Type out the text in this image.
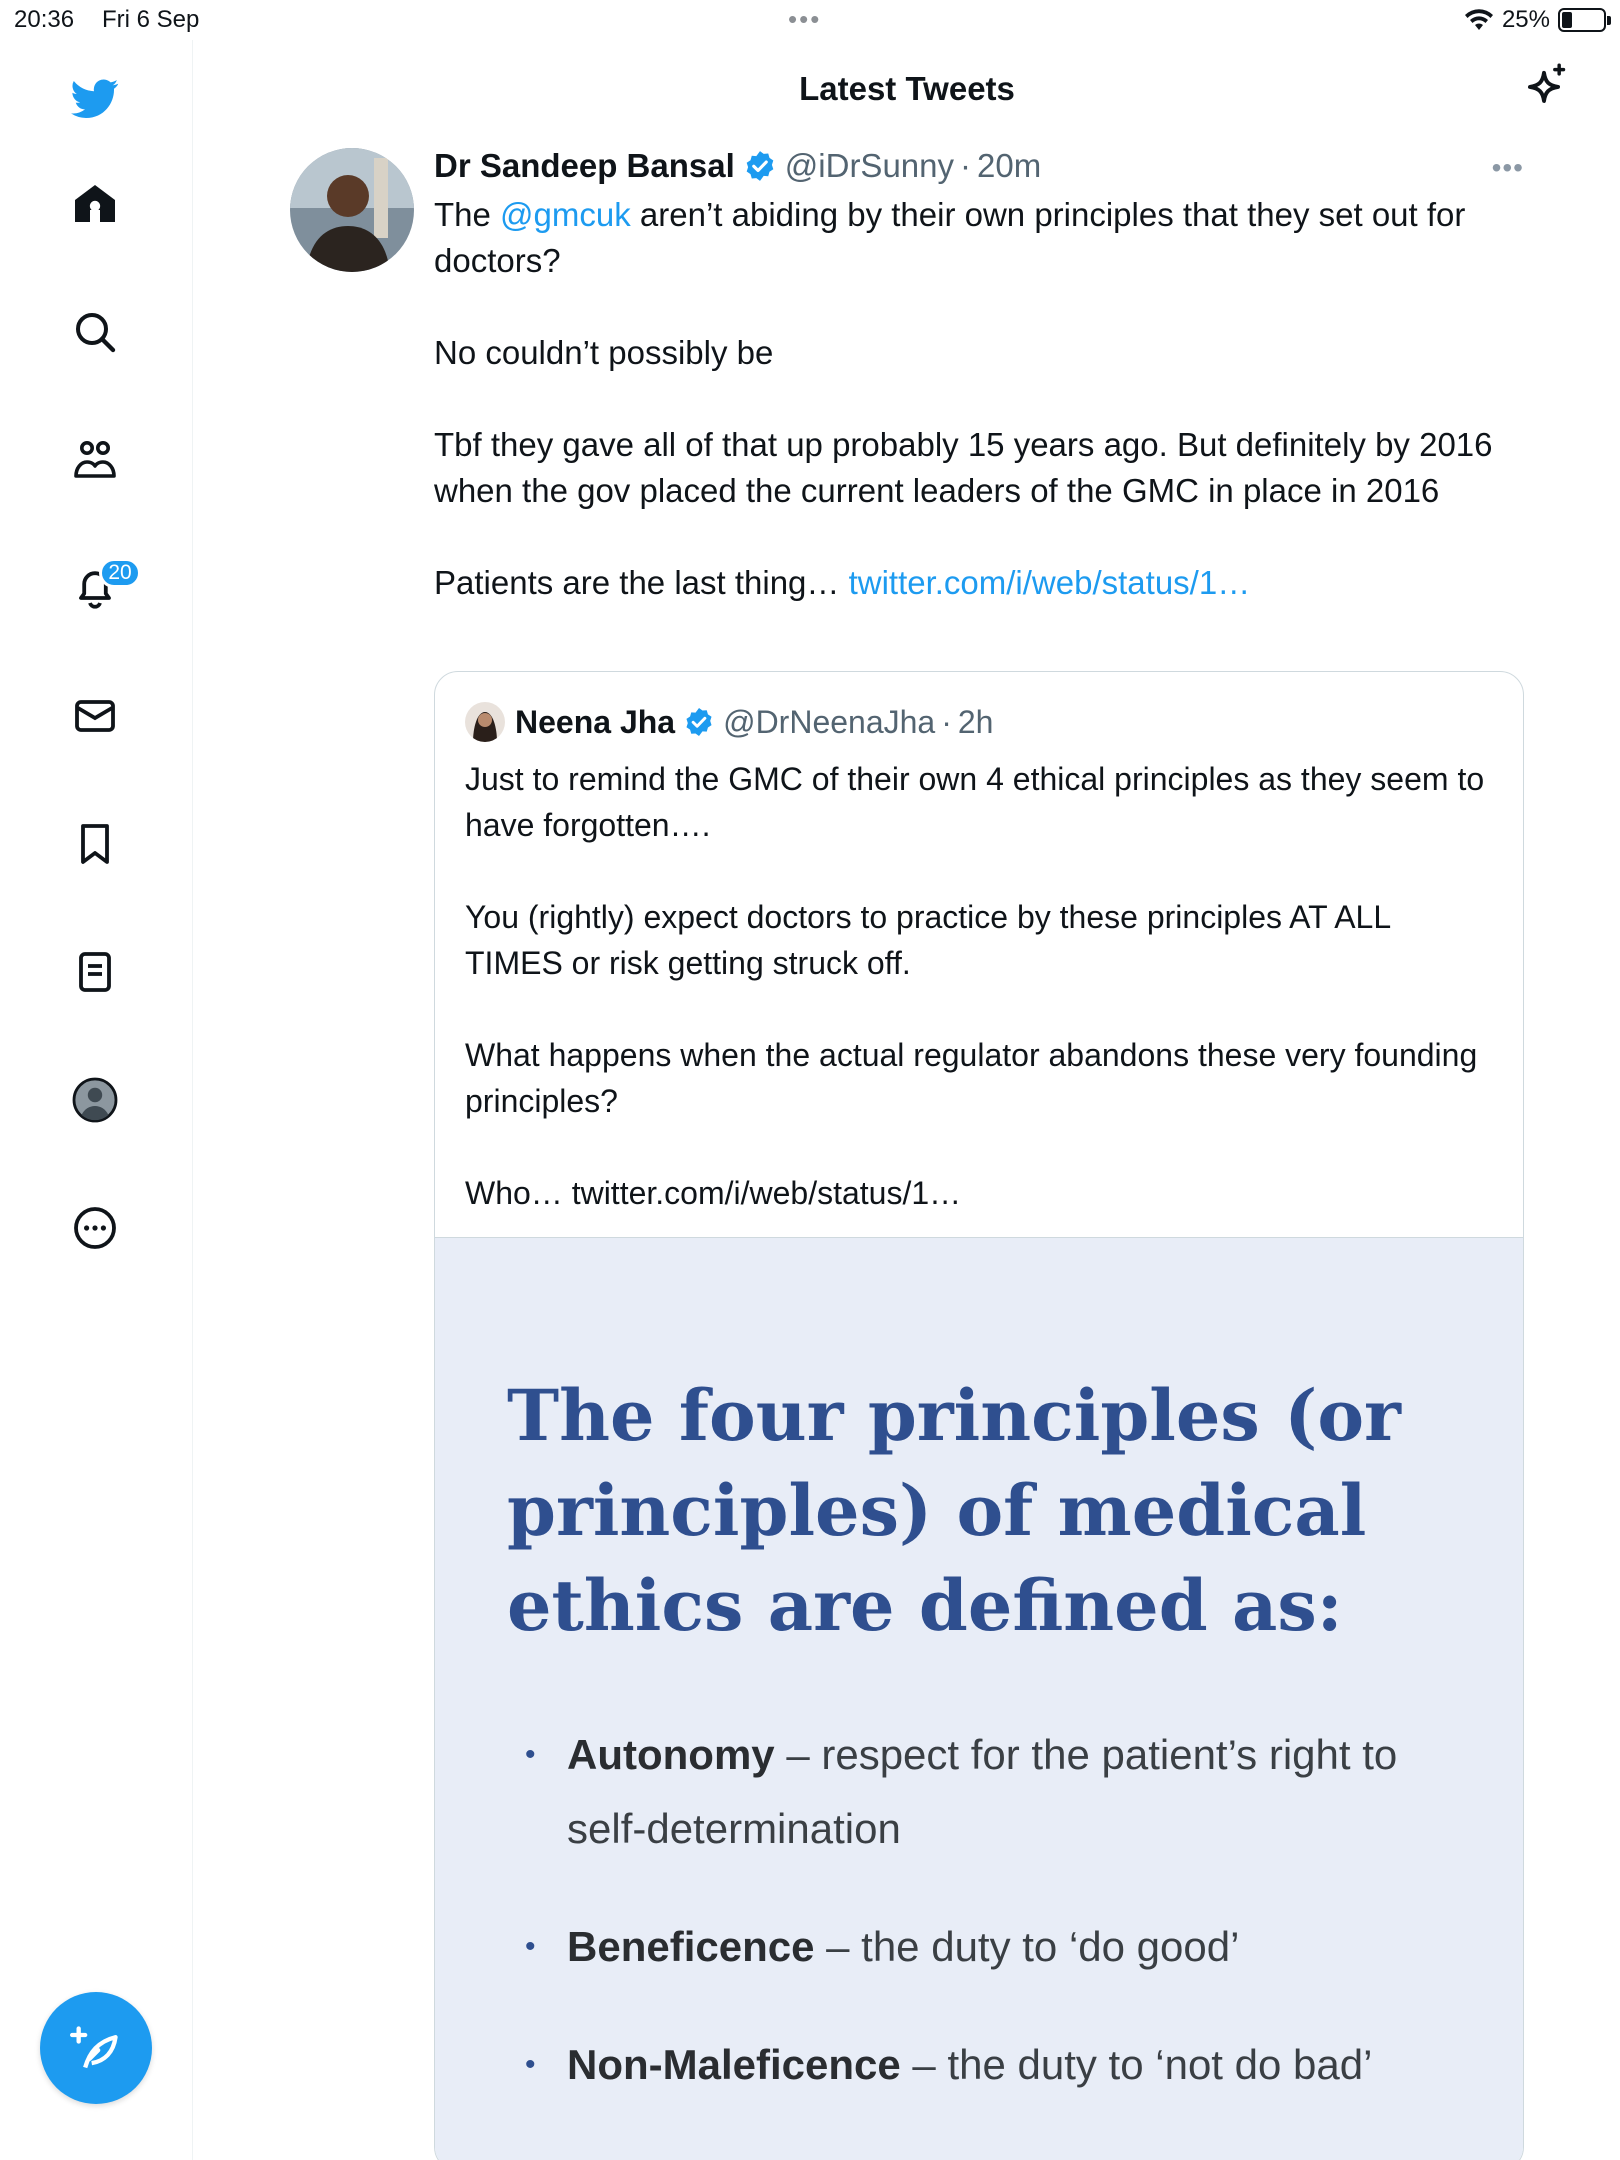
20:36 Fri 6 Sep	•••	25%
20
Latest Tweets
Dr Sandeep Bansal @iDrSunny · 20m	•••

The @gmcuk aren’t abiding by their own principles that they set out for doctors?

No couldn’t possibly be

Tbf they gave all of that up probably 15 years ago. But definitely by 2016 when the gov placed the current leaders of the GMC in place in 2016

Patients are the last thing… twitter.com/i/web/status/1…

Neena Jha @DrNeenaJha · 2h

Just to remind the GMC of their own 4 ethical principles as they seem to have forgotten….

You (rightly) expect doctors to practice by these principles AT ALL TIMES or risk getting struck off.

What happens when the actual regulator abandons these very founding principles?

Who… twitter.com/i/web/status/1…

The four principles (or principles) of medical ethics are defined as:
• Autonomy – respect for the patient’s right to self-determination
• Beneficence – the duty to ‘do good’
• Non-Maleficence – the duty to ‘not do bad’
